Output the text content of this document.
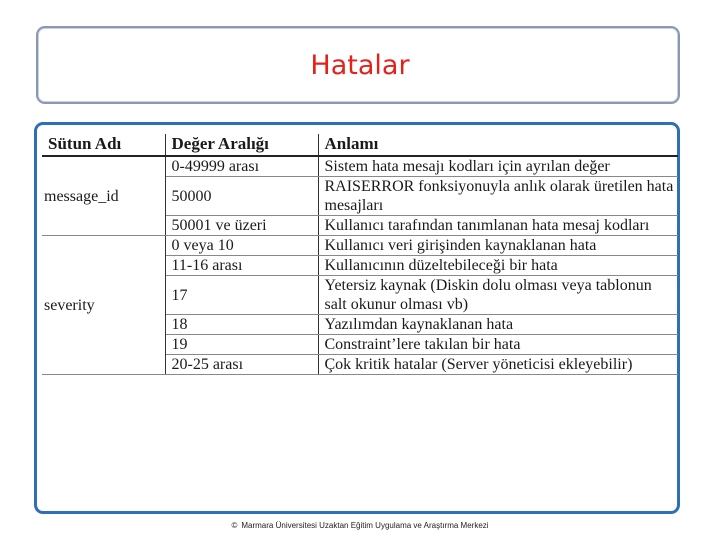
Hatalar
Sütun Adı	Değer Aralığı	Anlamı
message_id	0-49999 arası	Sistem hata mesajı kodları için ayrılan değer
	50000	RAISERROR fonksiyonuyla anlık olarak üretilen hata mesajları
	50001 ve üzeri	Kullanıcı tarafından tanımlanan hata mesaj kodları
severity	0 veya 10	Kullanıcı veri girişinden kaynaklanan hata
	11-16 arası	Kullanıcının düzeltebileceği bir hata
	17	Yetersiz kaynak (Diskin dolu olması veya tablonun salt okunur olması vb)
	18	Yazılımdan kaynaklanan hata
	19	Constraint’lere takılan bir hata
	20-25 arası	Çok kritik hatalar (Server yöneticisi ekleyebilir)
© Marmara Üniversitesi Uzaktan Eğitim Uygulama ve Araştırma Merkezi
